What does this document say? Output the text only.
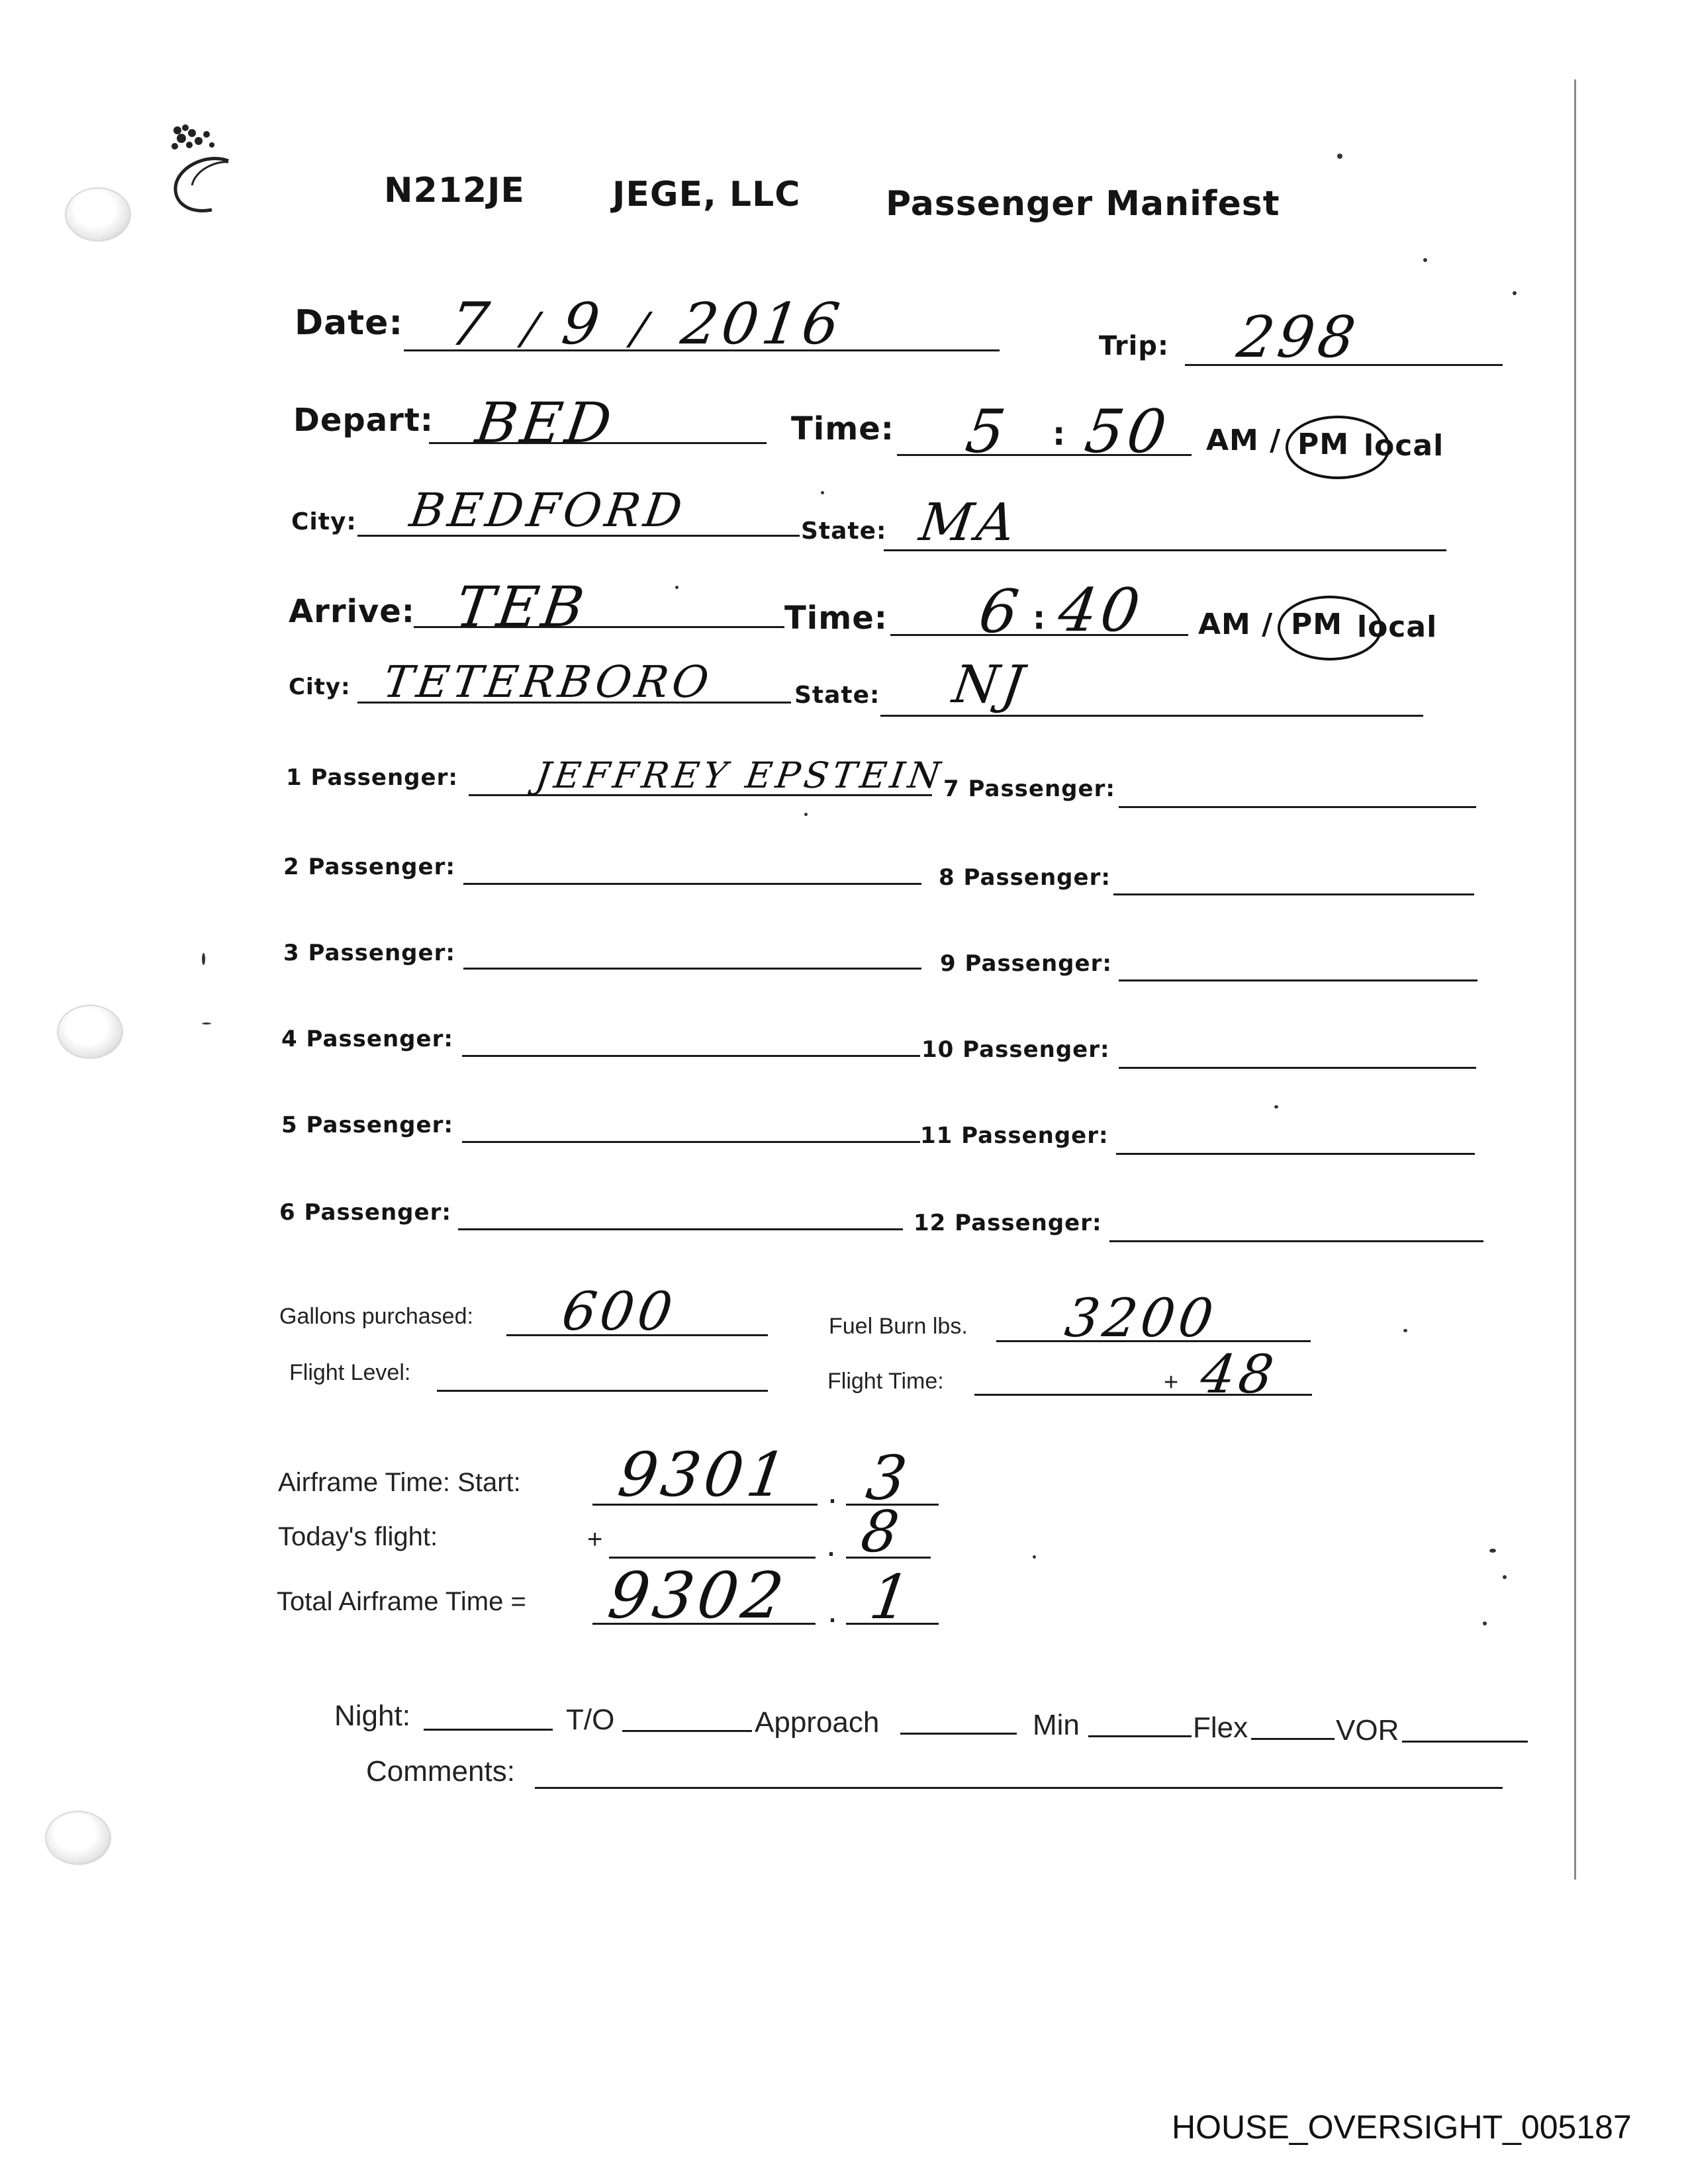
N212JE	JEGE, LLC Passenger Manifest
Date: 7 / 9 / 2016	Trip: 298
Depart: BED	Time: 5 : 50 AM / PM local
City: BEDFORD	State: MA
Arrive: TEB	Time: 6 : 40 AM / PM local
City: TETERBORO	State: NJ
1 Passenger: JEFFREY EPSTEIN
2 Passenger:
3 Passenger:
4 Passenger:
5 Passenger:
6 Passenger:
7 Passenger:
8 Passenger:
9 Passenger:
10 Passenger:
11 Passenger:
12 Passenger:
Gallons purchased: 600	Fuel Burn lbs. 3200
Flight Level:	Flight Time:	+ 48
Airframe Time: Start: 9301 . 3
Today's flight:	+	. 8
Total Airframe Time = 9302 . 1
Night:	T/O	Approach	Min	Flex	VOR
Comments:
HOUSE_OVERSIGHT_005187
